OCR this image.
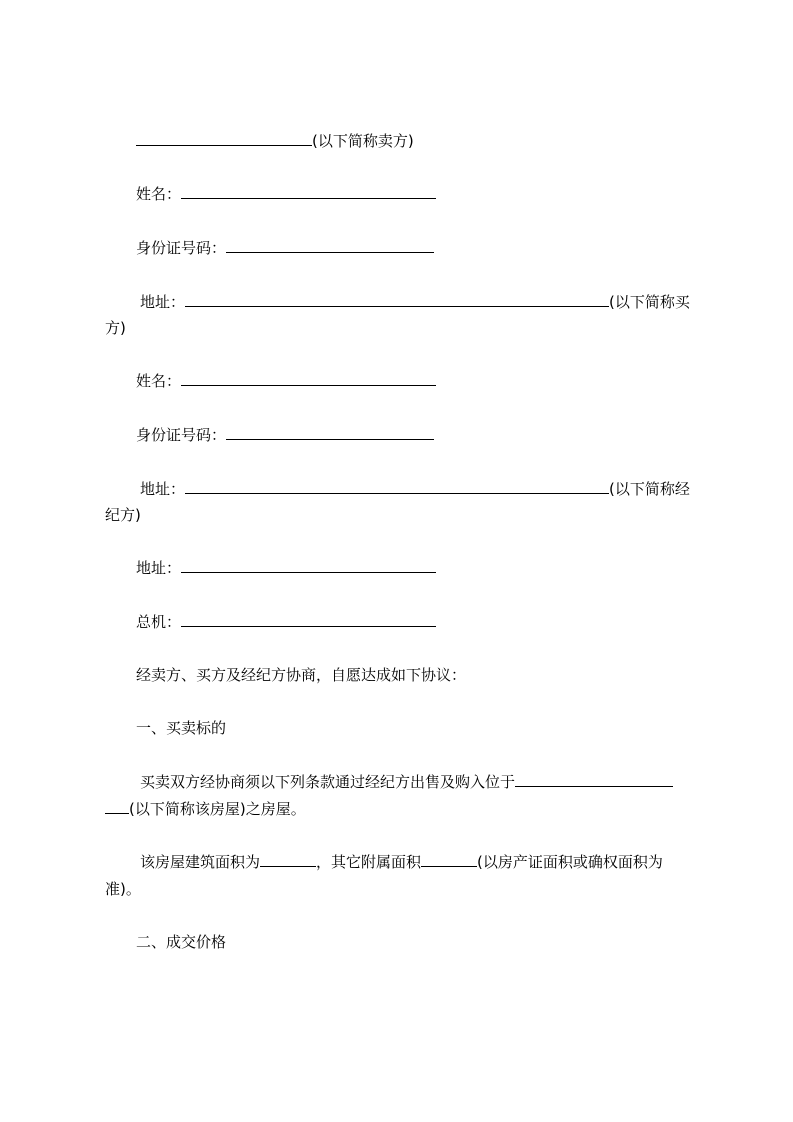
(以下简称卖方)
姓名：
身份证号码：
地址：	(以下简称买
方)
姓名：
身份证号码：
地址：	(以下简称经
纪方)
地址：
总机：
经卖方、买方及经纪方协商，自愿达成如下协议：
一、买卖标的
买卖双方经协商须以下列条款通过经纪方出售及购入位于
(以下简称该房屋)之房屋。
该房屋建筑面积为	，其它附属面积	(以房产证面积或确权面积为
准)。
二、成交价格
